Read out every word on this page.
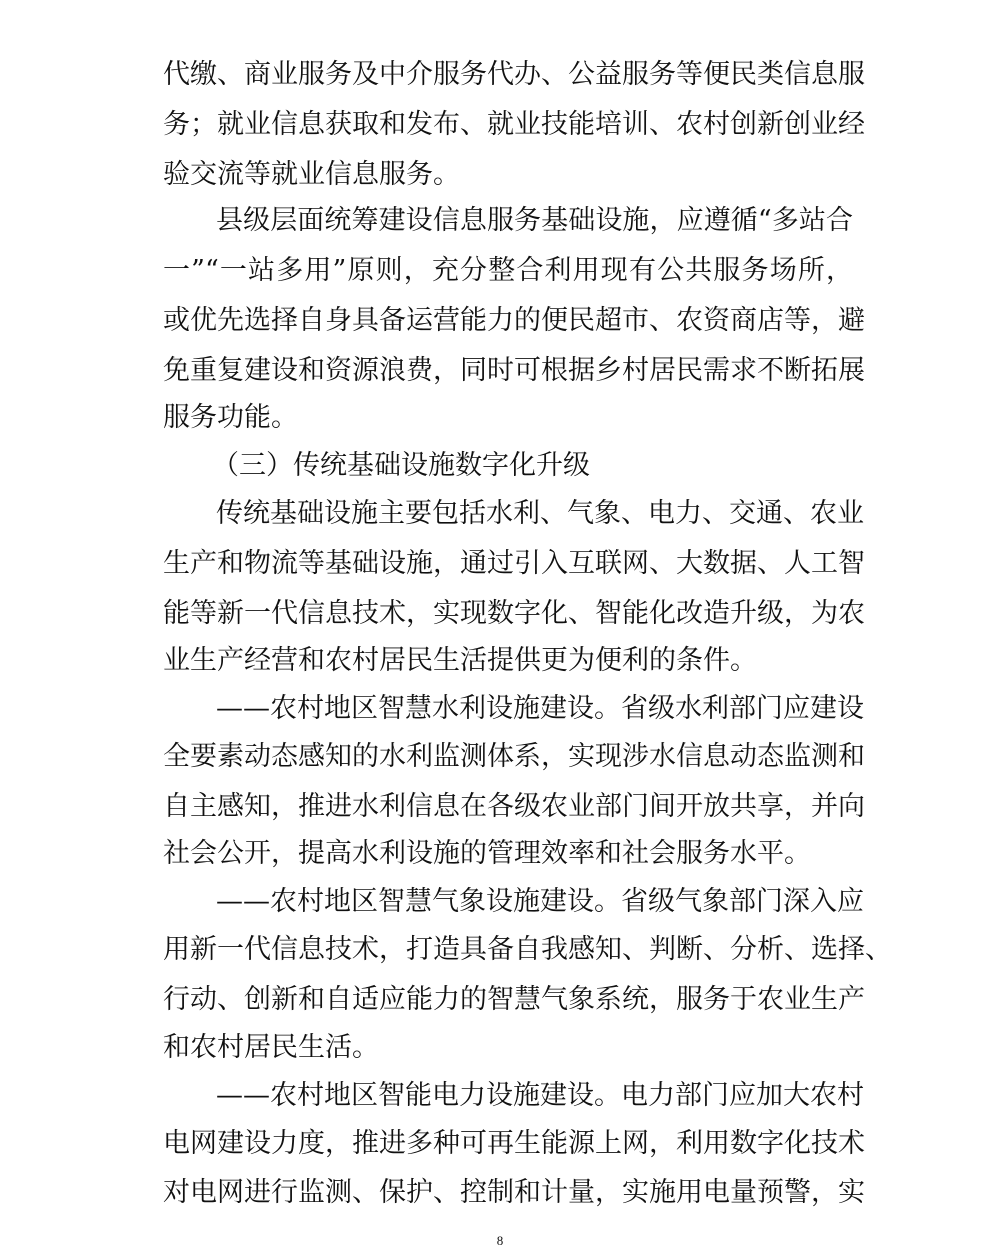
代缴、商业服务及中介服务代办、公益服务等便民类信息服
务；就业信息获取和发布、就业技能培训、农村创新创业经
验交流等就业信息服务。
县级层面统筹建设信息服务基础设施，应遵循“多站合
一”“一站多用”原则，充分整合利用现有公共服务场所，
或优先选择自身具备运营能力的便民超市、农资商店等，避
免重复建设和资源浪费，同时可根据乡村居民需求不断拓展
服务功能。
（三）传统基础设施数字化升级
传统基础设施主要包括水利、气象、电力、交通、农业
生产和物流等基础设施，通过引入互联网、大数据、人工智
能等新一代信息技术，实现数字化、智能化改造升级，为农
业生产经营和农村居民生活提供更为便利的条件。
——农村地区智慧水利设施建设。省级水利部门应建设
全要素动态感知的水利监测体系，实现涉水信息动态监测和
自主感知，推进水利信息在各级农业部门间开放共享，并向
社会公开，提高水利设施的管理效率和社会服务水平。
——农村地区智慧气象设施建设。省级气象部门深入应
用新一代信息技术，打造具备自我感知、判断、分析、选择、
行动、创新和自适应能力的智慧气象系统，服务于农业生产
和农村居民生活。
——农村地区智能电力设施建设。电力部门应加大农村
电网建设力度，推进多种可再生能源上网，利用数字化技术
对电网进行监测、保护、控制和计量，实施用电量预警，实
8
